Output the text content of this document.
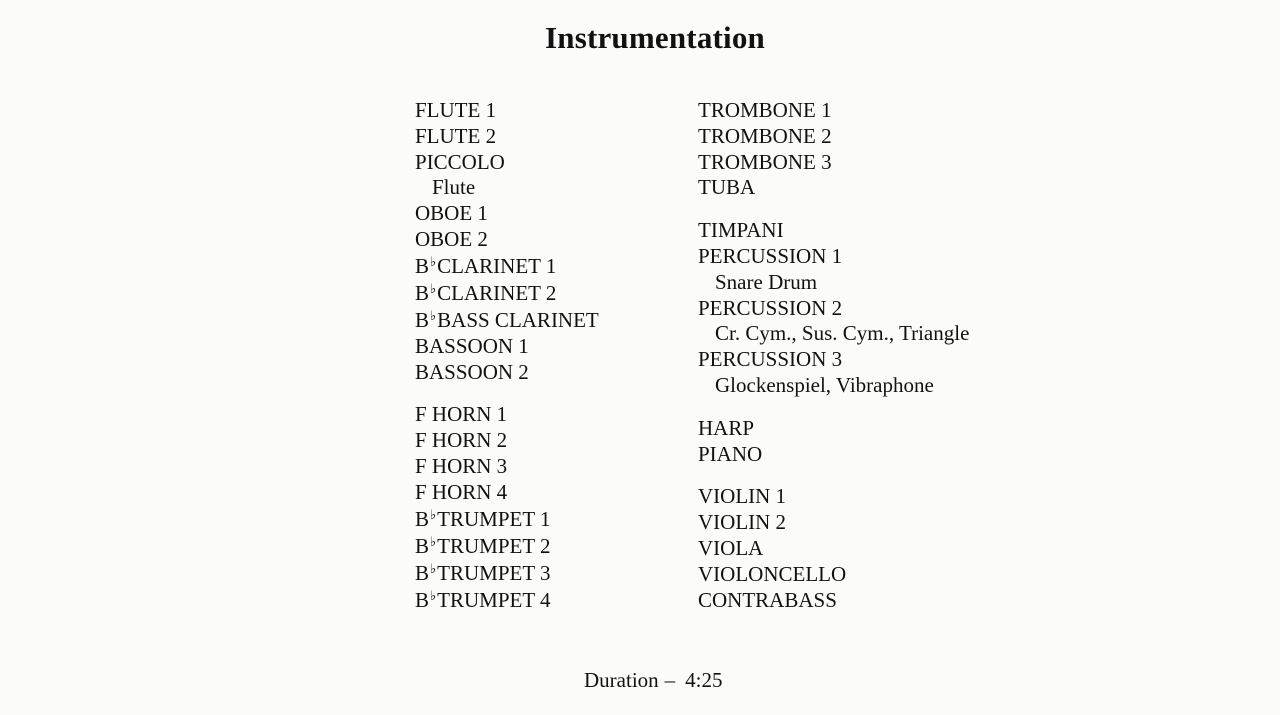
Instrumentation
FLUTE 1
FLUTE 2
PICCOLO
Flute
OBOE 1
OBOE 2
B♭CLARINET 1
B♭CLARINET 2
B♭BASS CLARINET
BASSOON 1
BASSOON 2
F HORN 1
F HORN 2
F HORN 3
F HORN 4
B♭TRUMPET 1
B♭TRUMPET 2
B♭TRUMPET 3
B♭TRUMPET 4
TROMBONE 1
TROMBONE 2
TROMBONE 3
TUBA
TIMPANI
PERCUSSION 1
Snare Drum
PERCUSSION 2
Cr. Cym., Sus. Cym., Triangle
PERCUSSION 3
Glockenspiel, Vibraphone
HARP
PIANO
VIOLIN 1
VIOLIN 2
VIOLA
VIOLONCELLO
CONTRABASS
Duration – 4:25
